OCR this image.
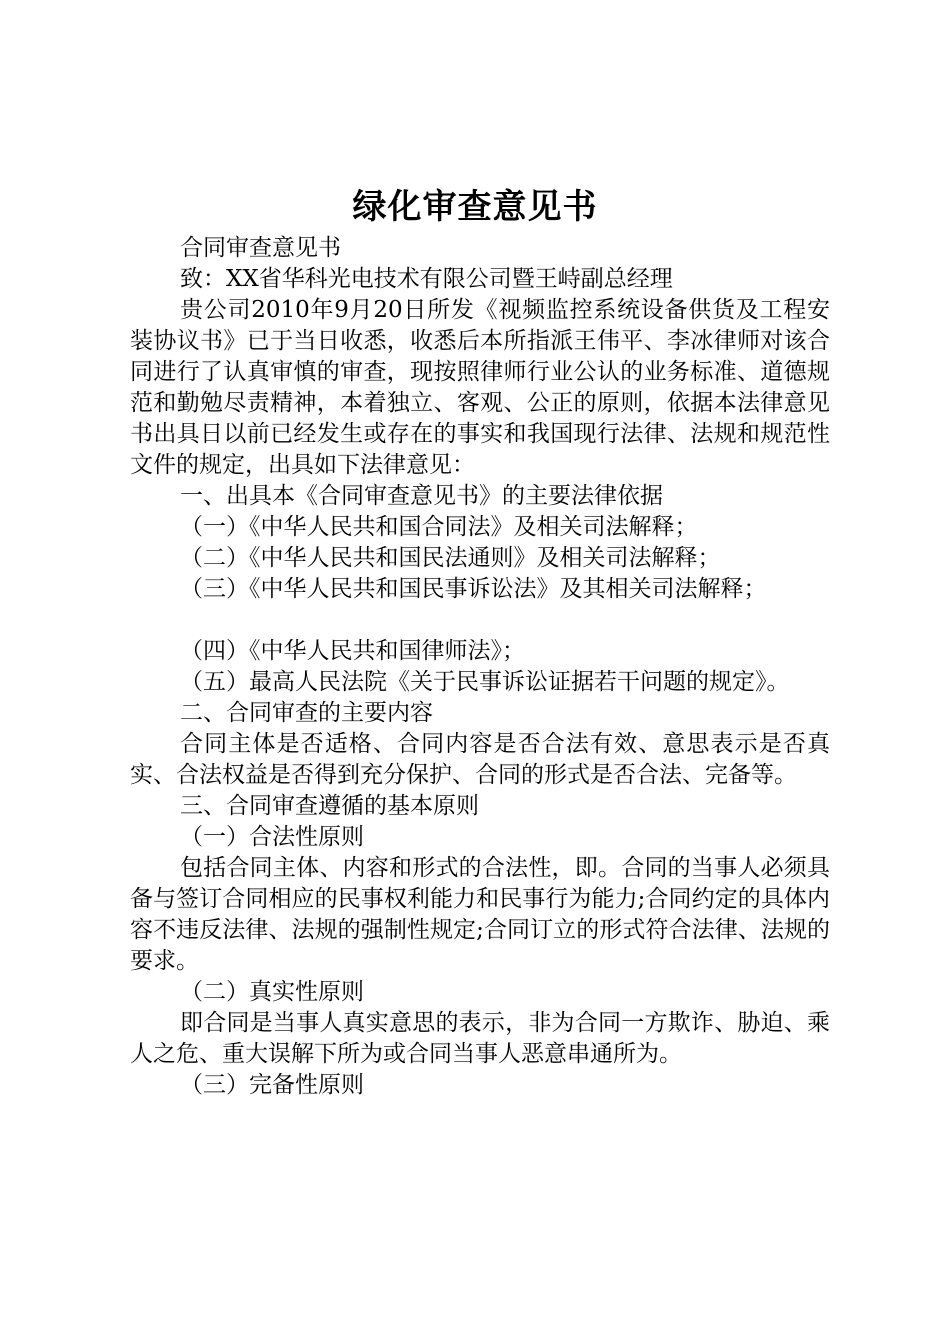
绿化审查意见书

合同审查意见书

致：XX省华科光电技术有限公司暨王峙副总经理

贵公司2010年9月20日所发《视频监控系统设备供货及工程安装协议书》已于当日收悉，收悉后本所指派王伟平、李冰律师对该合同进行了认真审慎的审查，现按照律师行业公认的业务标准、道德规范和勤勉尽责精神，本着独立、客观、公正的原则，依据本法律意见书出具日以前已经发生或存在的事实和我国现行法律、法规和规范性文件的规定，出具如下法律意见：

一、出具本《合同审查意见书》的主要法律依据

（一）《中华人民共和国合同法》及相关司法解释；

（二）《中华人民共和国民法通则》及相关司法解释；

（三）《中华人民共和国民事诉讼法》及其相关司法解释；

（四）《中华人民共和国律师法》；

（五）最高人民法院《关于民事诉讼证据若干问题的规定》。

二、合同审查的主要内容

合同主体是否适格、合同内容是否合法有效、意思表示是否真实、合法权益是否得到充分保护、合同的形式是否合法、完备等。

三、合同审查遵循的基本原则

（一）合法性原则

包括合同主体、内容和形式的合法性，即。合同的当事人必须具备与签订合同相应的民事权利能力和民事行为能力;合同约定的具体内容不违反法律、法规的强制性规定;合同订立的形式符合法律、法规的要求。

（二）真实性原则

即合同是当事人真实意思的表示，非为合同一方欺诈、胁迫、乘人之危、重大误解下所为或合同当事人恶意串通所为。

（三）完备性原则
